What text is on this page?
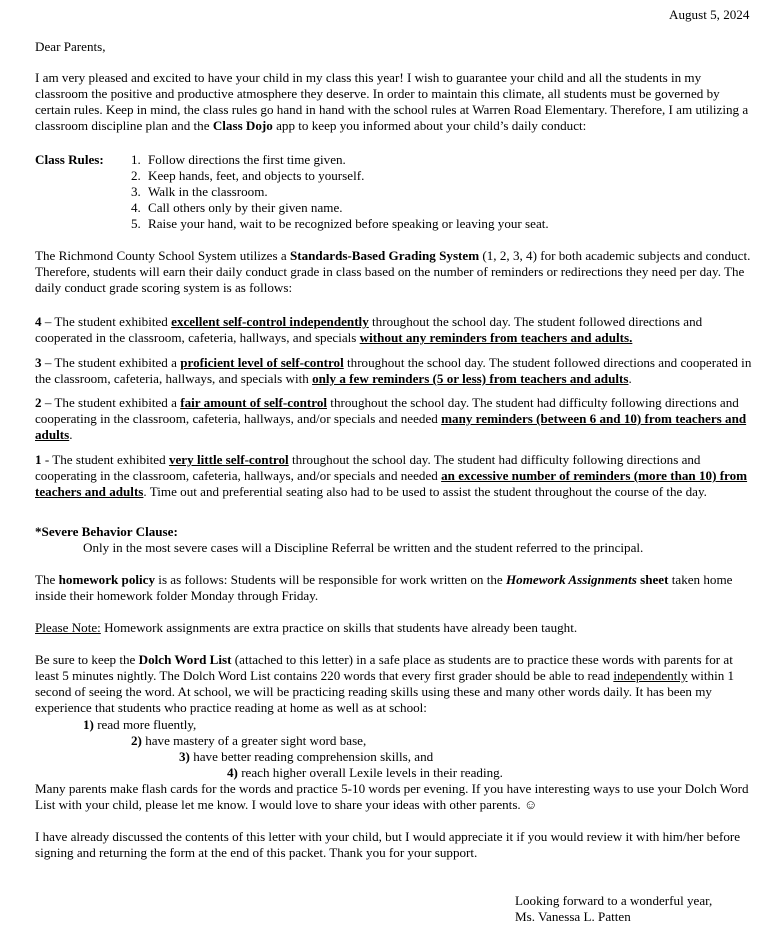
August 5, 2024
Dear Parents,

I am very pleased and excited to have your child in my class this year! I wish to guarantee your child and all the students in my classroom the positive and productive atmosphere they deserve. In order to maintain this climate, all students must be governed by certain rules. Keep in mind, the class rules go hand in hand with the school rules at Warren Road Elementary. Therefore, I am utilizing a classroom discipline plan and the Class Dojo app to keep you informed about your child’s daily conduct:

Class Rules: 1. Follow directions the first time given.
2. Keep hands, feet, and objects to yourself.
3. Walk in the classroom.
4. Call others only by their given name.
5. Raise your hand, wait to be recognized before speaking or leaving your seat.

The Richmond County School System utilizes a Standards-Based Grading System (1, 2, 3, 4) for both academic subjects and conduct. Therefore, students will earn their daily conduct grade in class based on the number of reminders or redirections they need per day. The daily conduct grade scoring system is as follows:

4 – The student exhibited excellent self-control independently throughout the school day. The student followed directions and cooperated in the classroom, cafeteria, hallways, and specials without any reminders from teachers and adults.

3 – The student exhibited a proficient level of self-control throughout the school day. The student followed directions and cooperated in the classroom, cafeteria, hallways, and specials with only a few reminders (5 or less) from teachers and adults.

2 – The student exhibited a fair amount of self-control throughout the school day. The student had difficulty following directions and cooperating in the classroom, cafeteria, hallways, and/or specials and needed many reminders (between 6 and 10) from teachers and adults.

1 - The student exhibited very little self-control throughout the school day. The student had difficulty following directions and cooperating in the classroom, cafeteria, hallways, and/or specials and needed an excessive number of reminders (more than 10) from teachers and adults. Time out and preferential seating also had to be used to assist the student throughout the course of the day.

*Severe Behavior Clause:
Only in the most severe cases will a Discipline Referral be written and the student referred to the principal.

The homework policy is as follows: Students will be responsible for work written on the Homework Assignments sheet taken home inside their homework folder Monday through Friday.

Please Note: Homework assignments are extra practice on skills that students have already been taught.

Be sure to keep the Dolch Word List (attached to this letter) in a safe place as students are to practice these words with parents for at least 5 minutes nightly. The Dolch Word List contains 220 words that every first grader should be able to read independently within 1 second of seeing the word. At school, we will be practicing reading skills using these and many other words daily. It has been my experience that students who practice reading at home as well as at school:

1) read more fluently,
2) have mastery of a greater sight word base,
3) have better reading comprehension skills, and
4) reach higher overall Lexile levels in their reading.

Many parents make flash cards for the words and practice 5-10 words per evening. If you have interesting ways to use your Dolch Word List with your child, please let me know. I would love to share your ideas with other parents. ☺

I have already discussed the contents of this letter with your child, but I would appreciate it if you would review it with him/her before signing and returning the form at the end of this packet. Thank you for your support.

Looking forward to a wonderful year,
Ms. Vanessa L. Patten
